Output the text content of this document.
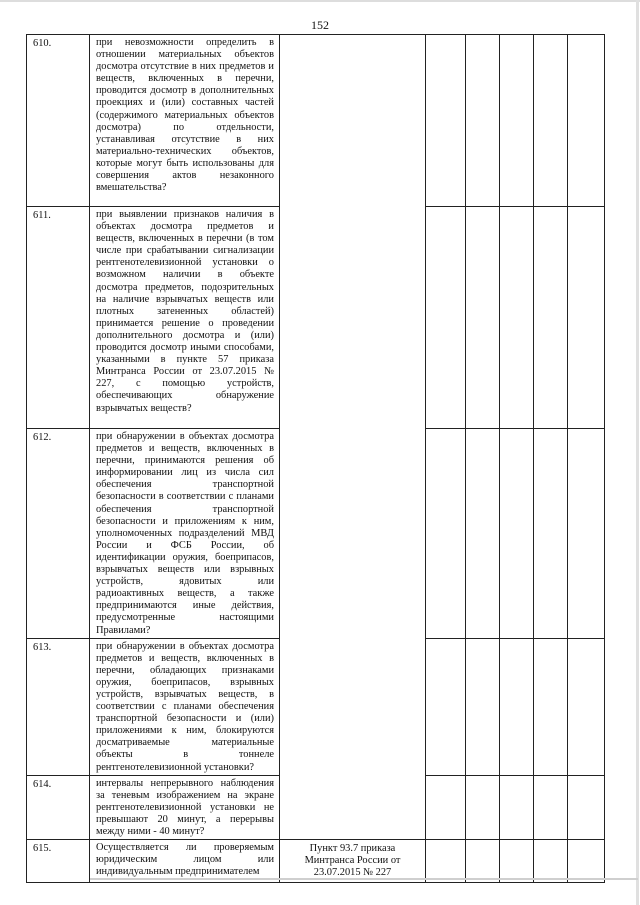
152
610.	при невозможности определить в отношении материальных объектов досмотра отсутствие в них предметов и веществ, включенных в перечни, проводится досмотр в дополнительных проекциях и (или) составных частей (содержимого материальных объектов досмотра) по отдельности, устанавливая отсутствие в них материально-технических объектов, которые могут быть использованы для совершения актов незаконного вмешательства?						
611.	при выявлении признаков наличия в объектах досмотра предметов и веществ, включенных в перечни (в том числе при срабатывании сигнализации рентгенотелевизионной установки о возможном наличии в объекте досмотра предметов, подозрительных на наличие взрывчатых веществ или плотных затененных областей) принимается решение о проведении дополнительного досмотра и (или) проводится досмотр иными способами, указанными в пункте 57 приказа Минтранса России от 23.07.2015 № 227, с помощью устройств, обеспечивающих обнаружение взрывчатых веществ?						
612.	при обнаружении в объектах досмотра предметов и веществ, включенных в перечни, принимаются решения об информировании лиц из числа сил обеспечения транспортной безопасности в соответствии с планами обеспечения транспортной безопасности и приложениям к ним, уполномоченных подразделений МВД России и ФСБ России, об идентификации оружия, боеприпасов, взрывчатых веществ или взрывных устройств, ядовитых или радиоактивных веществ, а также предпринимаются иные действия, предусмотренные настоящими Правилами?						
613.	при обнаружении в объектах досмотра предметов и веществ, включенных в перечни, обладающих признаками оружия, боеприпасов, взрывных устройств, взрывчатых веществ, в соответствии с планами обеспечения транспортной безопасности и (или) приложениями к ним, блокируются досматриваемые материальные объекты в тоннеле рентгенотелевизионной установки?						
614.	интервалы непрерывного наблюдения за теневым изображением на экране рентгенотелевизионной установки не превышают 20 минут, а перерывы между ними - 40 минут?						
615.	Осуществляется ли проверяемым юридическим лицом или индивидуальным предпринимателем	Пункт 93.7 приказа Минтранса России от 23.07.2015 № 227					
